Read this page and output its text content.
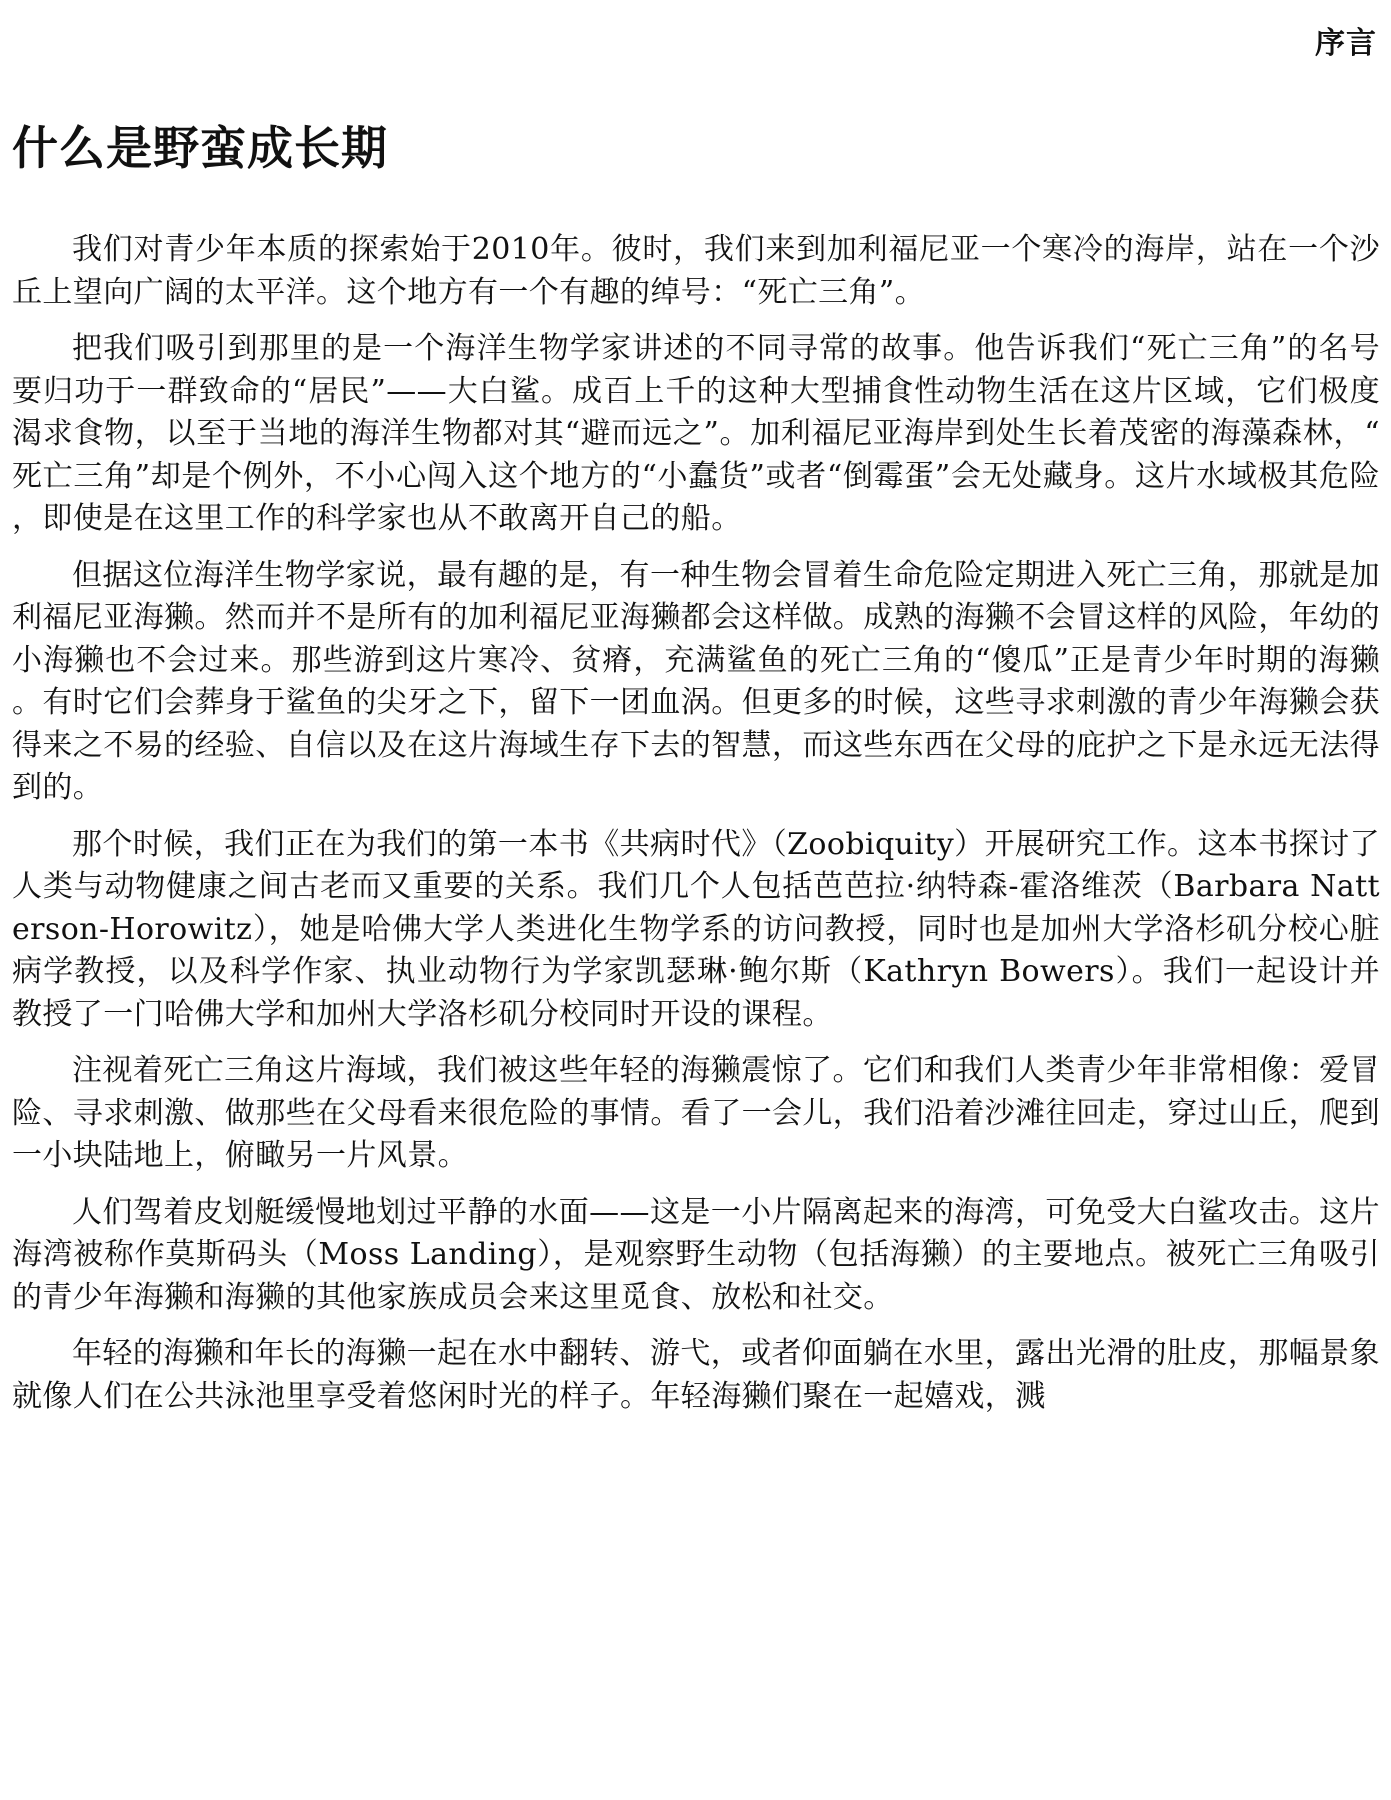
序言
什么是野蛮成长期

我们对青少年本质的探索始于2010年。彼时，我们来到加利福尼亚一个寒冷的海岸，站在一个沙丘上望向广阔的太平洋。这个地方有一个有趣的绰号：“死亡三角”。

把我们吸引到那里的是一个海洋生物学家讲述的不同寻常的故事。他告诉我们“死亡三角”的名号要归功于一群致命的“居民”——大白鲨。成百上千的这种大型捕食性动物生活在这片区域，它们极度渴求食物，以至于当地的海洋生物都对其“避而远之”。加利福尼亚海岸到处生长着茂密的海藻森林，“死亡三角”却是个例外，不小心闯入这个地方的“小蠢货”或者“倒霉蛋”会无处藏身。这片水域极其危险，即使是在这里工作的科学家也从不敢离开自己的船。

但据这位海洋生物学家说，最有趣的是，有一种生物会冒着生命危险定期进入死亡三角，那就是加利福尼亚海獭。然而并不是所有的加利福尼亚海獭都会这样做。成熟的海獭不会冒这样的风险，年幼的小海獭也不会过来。那些游到这片寒冷、贫瘠，充满鲨鱼的死亡三角的“傻瓜”正是青少年时期的海獭。有时它们会葬身于鲨鱼的尖牙之下，留下一团血涡。但更多的时候，这些寻求刺激的青少年海獭会获得来之不易的经验、自信以及在这片海域生存下去的智慧，而这些东西在父母的庇护之下是永远无法得到的。

那个时候，我们正在为我们的第一本书《共病时代》（Zoobiquity）开展研究工作。这本书探讨了人类与动物健康之间古老而又重要的关系。我们几个人包括芭芭拉·纳特森-霍洛维茨（Barbara Natterson-Horowitz），她是哈佛大学人类进化生物学系的访问教授，同时也是加州大学洛杉矶分校心脏病学教授，以及科学作家、执业动物行为学家凯瑟琳·鲍尔斯（Kathryn Bowers）。我们一起设计并教授了一门哈佛大学和加州大学洛杉矶分校同时开设的课程。

注视着死亡三角这片海域，我们被这些年轻的海獭震惊了。它们和我们人类青少年非常相像：爱冒险、寻求刺激、做那些在父母看来很危险的事情。看了一会儿，我们沿着沙滩往回走，穿过山丘，爬到一小块陆地上，俯瞰另一片风景。

人们驾着皮划艇缓慢地划过平静的水面——这是一小片隔离起来的海湾，可免受大白鲨攻击。这片海湾被称作莫斯码头（Moss Landing），是观察野生动物（包括海獭）的主要地点。被死亡三角吸引的青少年海獭和海獭的其他家族成员会来这里觅食、放松和社交。

年轻的海獭和年长的海獭一起在水中翻转、游弋，或者仰面躺在水里，露出光滑的肚皮，那幅景象就像人们在公共泳池里享受着悠闲时光的样子。年轻海獭们聚在一起嬉戏，溅
